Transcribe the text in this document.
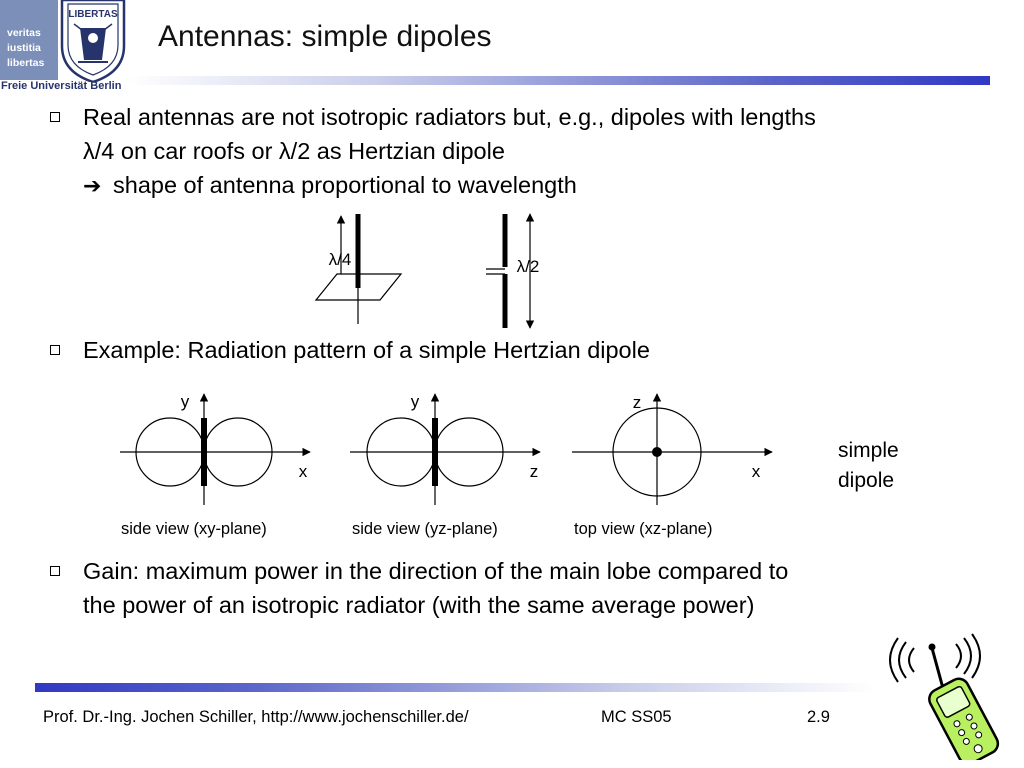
veritas
iustitia
libertas
LIBERTAS
Freie Universität Berlin
Antennas: simple dipoles
Real antennas are not isotropic radiators but, e.g., dipoles with lengths
λ/4 on car roofs or λ/2 as Hertzian dipole
➔ shape of antenna proportional to wavelength
λ/4	λ/2
Example: Radiation pattern of a simple Hertzian dipole
y
x
y
z
z
x
side view (xy-plane)	side view (yz-plane)	top view (xz-plane)
simple
dipole
Gain: maximum power in the direction of the main lobe compared to
the power of an isotropic radiator (with the same average power)
Prof. Dr.-Ing. Jochen Schiller, http://www.jochenschiller.de/	MC SS05	2.9
